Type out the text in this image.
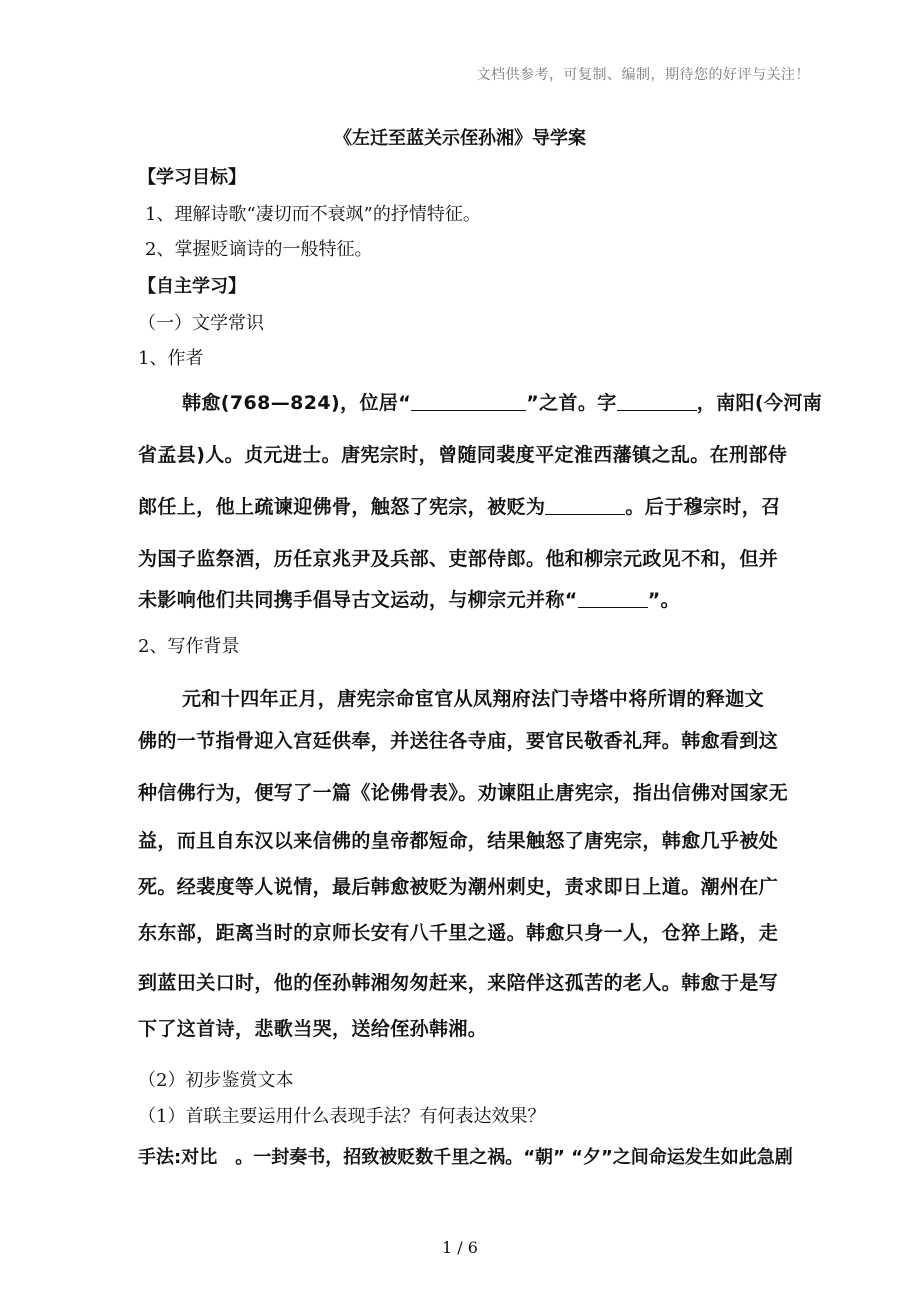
文档供参考，可复制、编制，期待您的好评与关注！
《左迁至蓝关示侄孙湘》导学案
【学习目标】
1、理解诗歌“凄切而不衰飒”的抒情特征。
2、掌握贬谪诗的一般特征。
【自主学习】
（一）文学常识
1、作者
韩愈(768—824)，位居“	”之首。字	，南阳(今河南
省孟县)人。贞元进士。唐宪宗时，曾随同裴度平定淮西藩镇之乱。在刑部侍
郎任上，他上疏谏迎佛骨，触怒了宪宗，被贬为	。后于穆宗时，召
为国子监祭酒，历任京兆尹及兵部、吏部侍郎。他和柳宗元政见不和，但并
未影响他们共同携手倡导古文运动，与柳宗元并称“	”。
2、写作背景
元和十四年正月，唐宪宗命宦官从凤翔府法门寺塔中将所谓的释迦文
佛的一节指骨迎入宫廷供奉，并送往各寺庙，要官民敬香礼拜。韩愈看到这
种信佛行为，便写了一篇《论佛骨表》。劝谏阻止唐宪宗，指出信佛对国家无
益，而且自东汉以来信佛的皇帝都短命，结果触怒了唐宪宗，韩愈几乎被处
死。经裴度等人说情，最后韩愈被贬为潮州刺史，责求即日上道。潮州在广
东东部，距离当时的京师长安有八千里之遥。韩愈只身一人，仓猝上路，走
到蓝田关口时，他的侄孙韩湘匆匆赶来，来陪伴这孤苦的老人。韩愈于是写
下了这首诗，悲歌当哭，送给侄孙韩湘。
（2）初步鉴赏文本
（1）首联主要运用什么表现手法？有何表达效果？
手法:对比　。一封奏书，招致被贬数千里之祸。“朝” “夕”之间命运发生如此急剧
1 / 6
